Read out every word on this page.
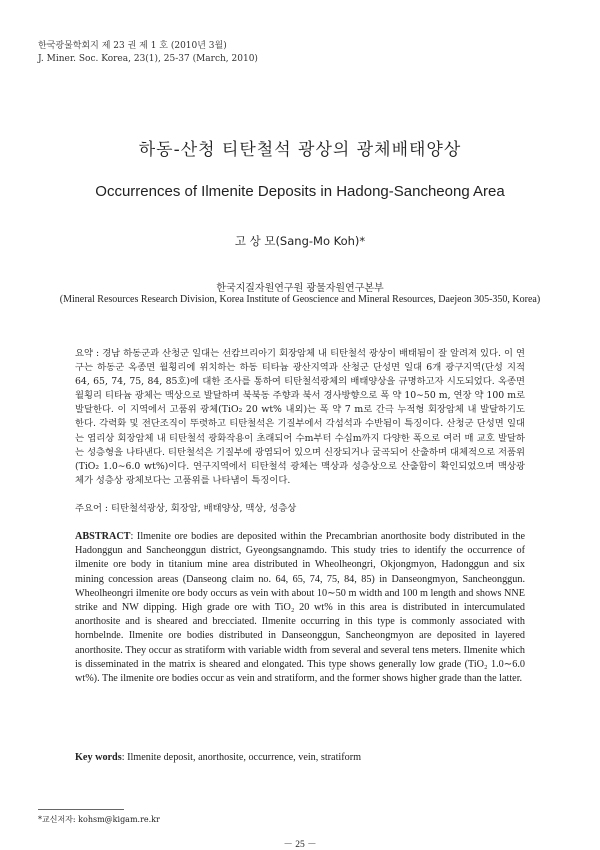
한국광물학회지 제 23 권 제 1 호 (2010년 3월)
J. Miner. Soc. Korea, 23(1), 25-37 (March, 2010)
하동-산청 티탄철석 광상의 광체배태양상
Occurrences of Ilmenite Deposits in Hadong-Sancheong Area
고 상 모(Sang-Mo Koh)*
한국지질자원연구원 광물자원연구본부
(Mineral Resources Research Division, Korea Institute of Geoscience and Mineral Resources, Daejeon 305-350, Korea)
요약 : 경남 하동군과 산청군 일대는 선캄브리아기 회장암체 내 티탄철석 광상이 배태됨이 잘 알려져 있다. 이 연구는 하동군 옥종면 월횡리에 위치하는 하동 티타늄 광산지역과 산청군 단성면 일대 6개 광구지역(단성 지적 64, 65, 74, 75, 84, 85호)에 대한 조사를 통하여 티탄철석광체의 배태양상을 규명하고자 시도되었다. 옥종면 월횡리 티타늄 광체는 맥상으로 발달하며 북북동 주향과 북서 경사방향으로 폭 약 10∼50 m, 연장 약 100 m로 발달한다. 이 지역에서 고품위 광체(TiO₂ 20 wt% 내외)는 폭 약 7 m로 간극 누적형 회장암체 내 발달하기도 한다. 각력화 및 전단조직이 뚜렷하고 티탄철석은 기질부에서 각섬석과 수반됨이 특징이다. 산청군 단성면 일대는 엽리상 회장암체 내 티탄철석 광화작용이 초래되어 수m부터 수십m까지 다양한 폭으로 여러 매 교호 발달하는 성층형을 나타낸다. 티탄철석은 기질부에 광염되어 있으며 신장되거나 굴곡되어 산출하며 대체적으로 저품위(TiO₂ 1.0∼6.0 wt%)이다. 연구지역에서 티탄철석 광체는 맥상과 성층상으로 산출함이 확인되었으며 맥상광체가 성층상 광체보다는 고품위를 나타냄이 특징이다.
주요어 : 티탄철석광상, 회장암, 배태양상, 맥상, 성층상
ABSTRACT: Ilmenite ore bodies are deposited within the Precambrian anorthosite body distributed in the Hadonggun and Sancheonggun district, Gyeongsangnamdo. This study tries to identify the occurrence of ilmenite ore body in titanium mine area distributed in Wheolheongri, Okjongmyon, Hadonggun and six mining concession areas (Danseong claim no. 64, 65, 74, 75, 84, 85) in Danseongmyon, Sancheonggun. Wheolheongri ilmenite ore body occurs as vein with about 10∼50 m width and 100 m length and shows NNE strike and NW dipping. High grade ore with TiO₂ 20 wt% in this area is distributed in intercumulated anorthosite and is sheared and brecciated. Ilmenite occurring in this type is commonly associated with hornbelnde. Ilmenite ore bodies distributed in Danseonggun, Sancheongmyon are deposited in layered anorthosite. They occur as stratiform with variable width from several and several tens meters. Ilmenite which is disseminated in the matrix is sheared and elongated. This type shows generally low grade (TiO₂ 1.0∼6.0 wt%). The ilmenite ore bodies occur as vein and stratiform, and the former shows higher grade than the latter.
Key words: Ilmenite deposit, anorthosite, occurrence, vein, stratiform
*교신저자: kohsm@kigam.re.kr
－ 25 －
